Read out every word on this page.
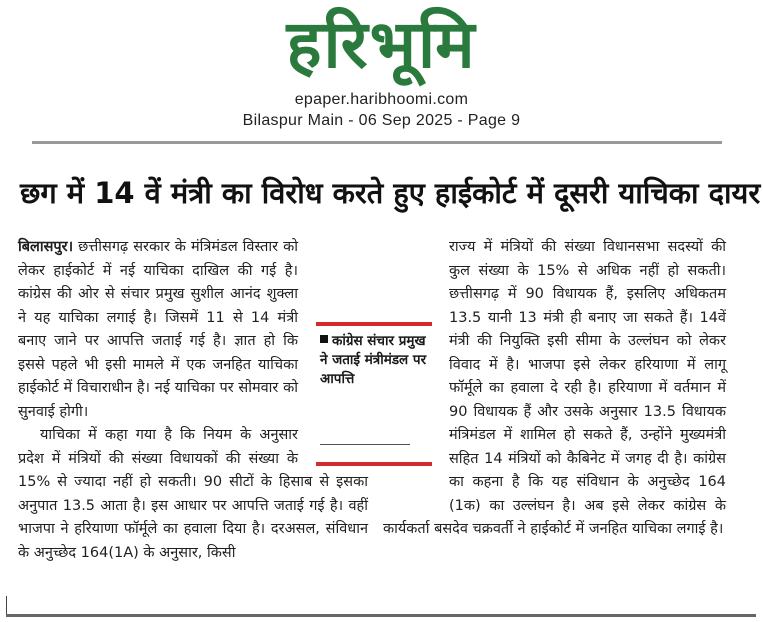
हरिभूमि
epaper.haribhoomi.com
Bilaspur Main - 06 Sep 2025 - Page 9
छग में 14 वें मंत्री का विरोध करते हुए हाईकोर्ट में दूसरी याचिका दायर

बिलासपुर। छत्तीसगढ़ सरकार के मंत्रिमंडल विस्तार को लेकर हाईकोर्ट में नई याचिका दाखिल की गई है। कांग्रेस की ओर से संचार प्रमुख सुशील आनंद शुक्ला ने यह याचिका लगाई है। जिसमें 11 से 14 मंत्री बनाए जाने पर आपत्ति जताई गई है। ज्ञात हो कि इससे पहले भी इसी मामले में एक जनहित याचिका हाईकोर्ट में विचाराधीन है। नई याचिका पर सोमवार को सुनवाई होगी।

याचिका में कहा गया है कि नियम के अनुसार प्रदेश में मंत्रियों की संख्या विधायकों की संख्या के 15% से ज्यादा नहीं हो सकती। 90 सीटों के हिसाब से इसका अनुपात 13.5 आता है। इस आधार पर आपत्ति जताई गई है। वहीं भाजपा ने हरियाणा फॉर्मूले का हवाला दिया है। दरअसल, संविधान के अनुच्छेद 164(1A) के अनुसार, किसी

राज्य में मंत्रियों की संख्या विधानसभा सदस्यों की कुल संख्या के 15% से अधिक नहीं हो सकती। छत्तीसगढ़ में 90 विधायक हैं, इसलिए अधिकतम 13.5 यानी 13 मंत्री ही बनाए जा सकते हैं। 14वें मंत्री की नियुक्ति इसी सीमा के उल्लंघन को लेकर विवाद में है। भाजपा इसे लेकर हरियाणा में लागू फॉर्मूले का हवाला दे रही है। हरियाणा में वर्तमान में 90 विधायक हैं और उसके अनुसार 13.5 विधायक मंत्रिमंडल में शामिल हो सकते हैं, उन्होंने मुख्यमंत्री सहित 14 मंत्रियों को कैबिनेट में जगह दी है। कांग्रेस का कहना है कि यह संविधान के अनुच्छेद 164 (1क) का उल्लंघन है। अब इसे लेकर कांग्रेस के कार्यकर्ता बसदेव चक्रवर्ती ने हाईकोर्ट में जनहित याचिका लगाई है।

कांग्रेस संचार प्रमुख ने जताई मंत्रीमंडल पर आपत्ति
